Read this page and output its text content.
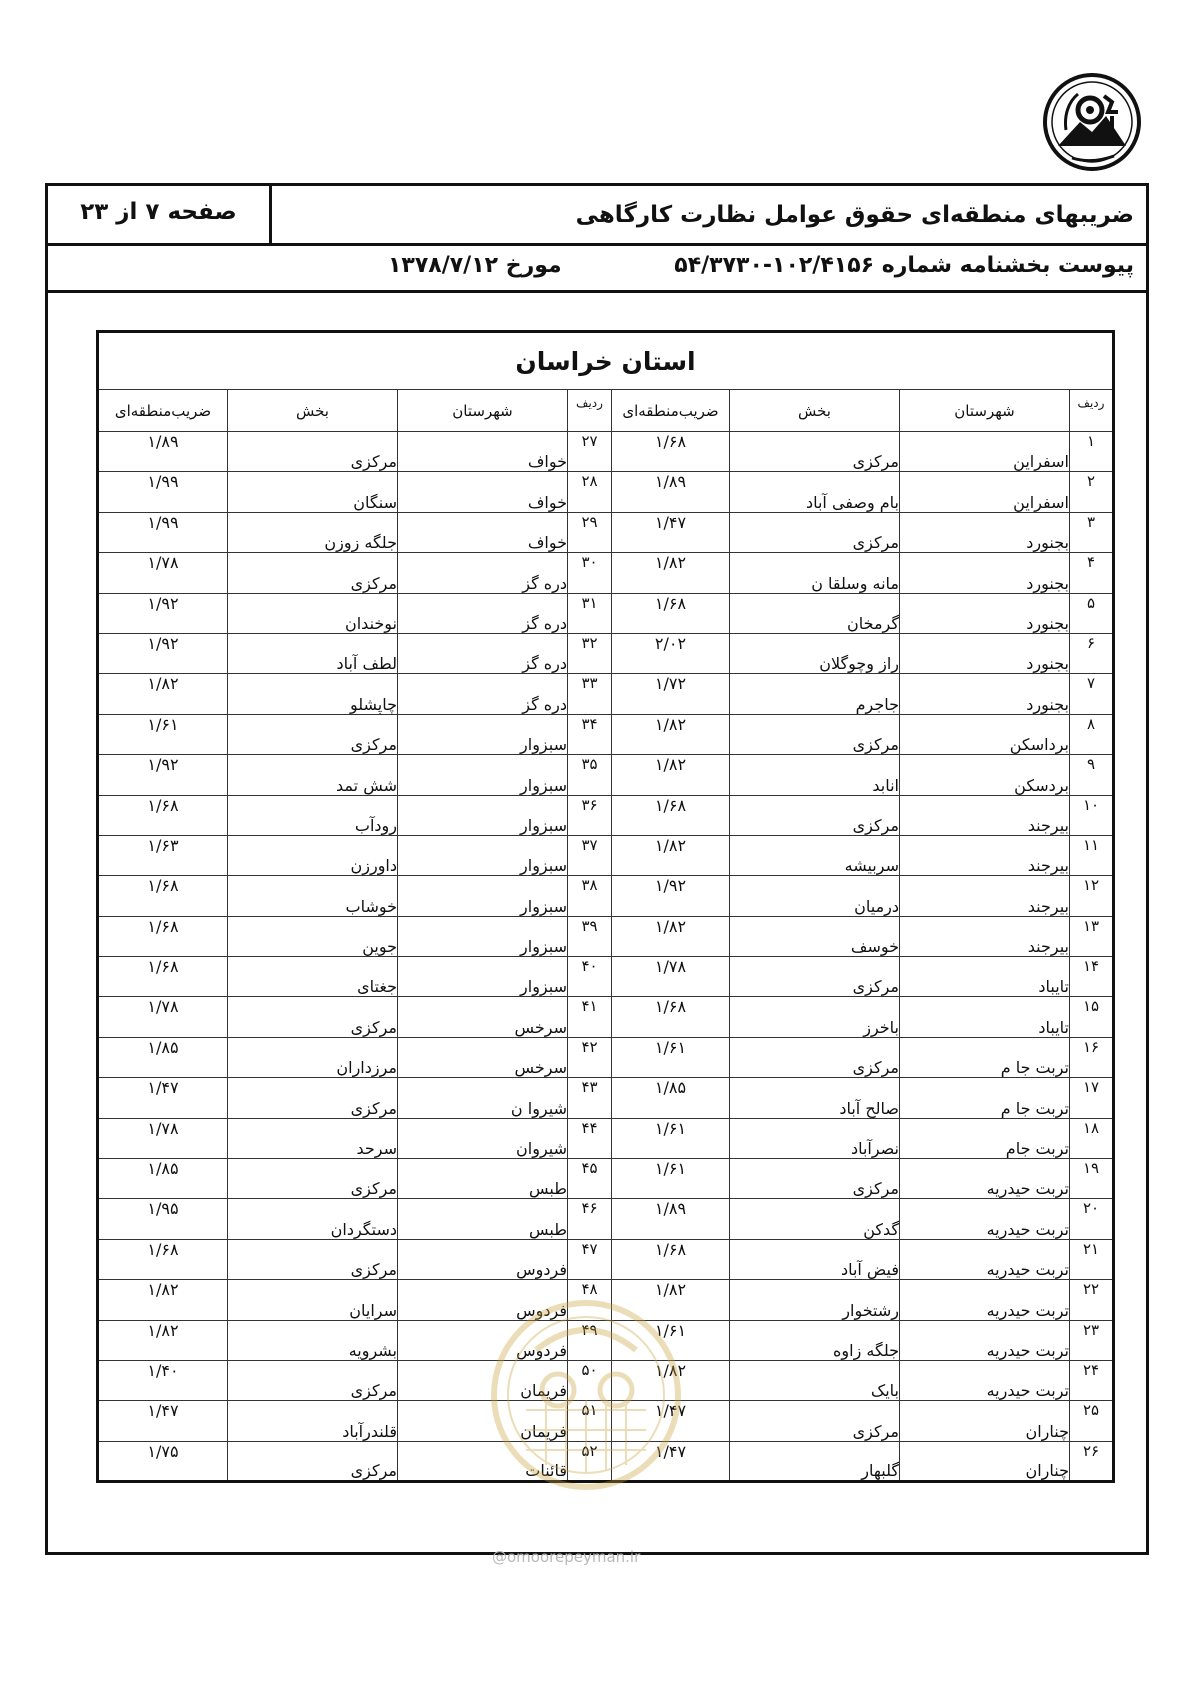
ضریبهای منطقه‌ای حقوق عوامل نظارت کارگاهی
صفحه ۷ از ۲۳
پیوست بخشنامه شماره ۱۰۲/۴۱۵۶-۵۴/۳۷۳۰
مورخ ۱۳۷۸/۷/۱۲
استان خراسان							
ردیف	شهرستان	بخش	ضریب‌منطقه‌ای	ردیف	شهرستان	بخش	ضریب‌منطقه‌ای
۱	اسفراین	مرکزی	۱/۶۸	۲۷	خواف	مرکزی	۱/۸۹
۲	اسفراین	بام وصفی آباد	۱/۸۹	۲۸	خواف	سنگان	۱/۹۹
۳	بجنورد	مرکزی	۱/۴۷	۲۹	خواف	جلگه زوزن	۱/۹۹
۴	بجنورد	مانه وسلقا ن	۱/۸۲	۳۰	دره گز	مرکزی	۱/۷۸
۵	بجنورد	گرمخان	۱/۶۸	۳۱	دره گز	نوخندان	۱/۹۲
۶	بجنورد	راز وچوگلان	۲/۰۲	۳۲	دره گز	لطف آباد	۱/۹۲
۷	بجنورد	جاجرم	۱/۷۲	۳۳	دره گز	چاپشلو	۱/۸۲
۸	برداسکن	مرکزی	۱/۸۲	۳۴	سبزوار	مرکزی	۱/۶۱
۹	بردسکن	انابد	۱/۸۲	۳۵	سبزوار	شش تمد	۱/۹۲
۱۰	بیرجند	مرکزی	۱/۶۸	۳۶	سبزوار	رودآب	۱/۶۸
۱۱	بیرجند	سربیشه	۱/۸۲	۳۷	سبزوار	داورزن	۱/۶۳
۱۲	بیرجند	درمیان	۱/۹۲	۳۸	سبزوار	خوشاب	۱/۶۸
۱۳	بیرجند	خوسف	۱/۸۲	۳۹	سبزوار	جوین	۱/۶۸
۱۴	تایباد	مرکزی	۱/۷۸	۴۰	سبزوار	جغتای	۱/۶۸
۱۵	تایباد	باخرز	۱/۶۸	۴۱	سرخس	مرکزی	۱/۷۸
۱۶	تربت جا م	مرکزی	۱/۶۱	۴۲	سرخس	مرزداران	۱/۸۵
۱۷	تربت جا م	صالح آباد	۱/۸۵	۴۳	شیروا ن	مرکزی	۱/۴۷
۱۸	تربت جام	نصرآباد	۱/۶۱	۴۴	شیروان	سرحد	۱/۷۸
۱۹	تربت حیدریه	مرکزی	۱/۶۱	۴۵	طبس	مرکزی	۱/۸۵
۲۰	تربت حیدریه	گدکن	۱/۸۹	۴۶	طبس	دستگردان	۱/۹۵
۲۱	تربت حیدریه	فیض آباد	۱/۶۸	۴۷	فردوس	مرکزی	۱/۶۸
۲۲	تربت حیدریه	رشتخوار	۱/۸۲	۴۸	فردوس	سرایان	۱/۸۲
۲۳	تربت حیدریه	جلگه زاوه	۱/۶۱	۴۹	فردوس	بشرویه	۱/۸۲
۲۴	تربت حیدریه	بایک	۱/۸۲	۵۰	فریمان	مرکزی	۱/۴۰
۲۵	چناران	مرکزی	۱/۴۷	۵۱	فریمان	قلندرآباد	۱/۴۷
۲۶	چناران	گلبهار	۱/۴۷	۵۲	قائنات	مرکزی	۱/۷۵
@omoorepeyman.ir
